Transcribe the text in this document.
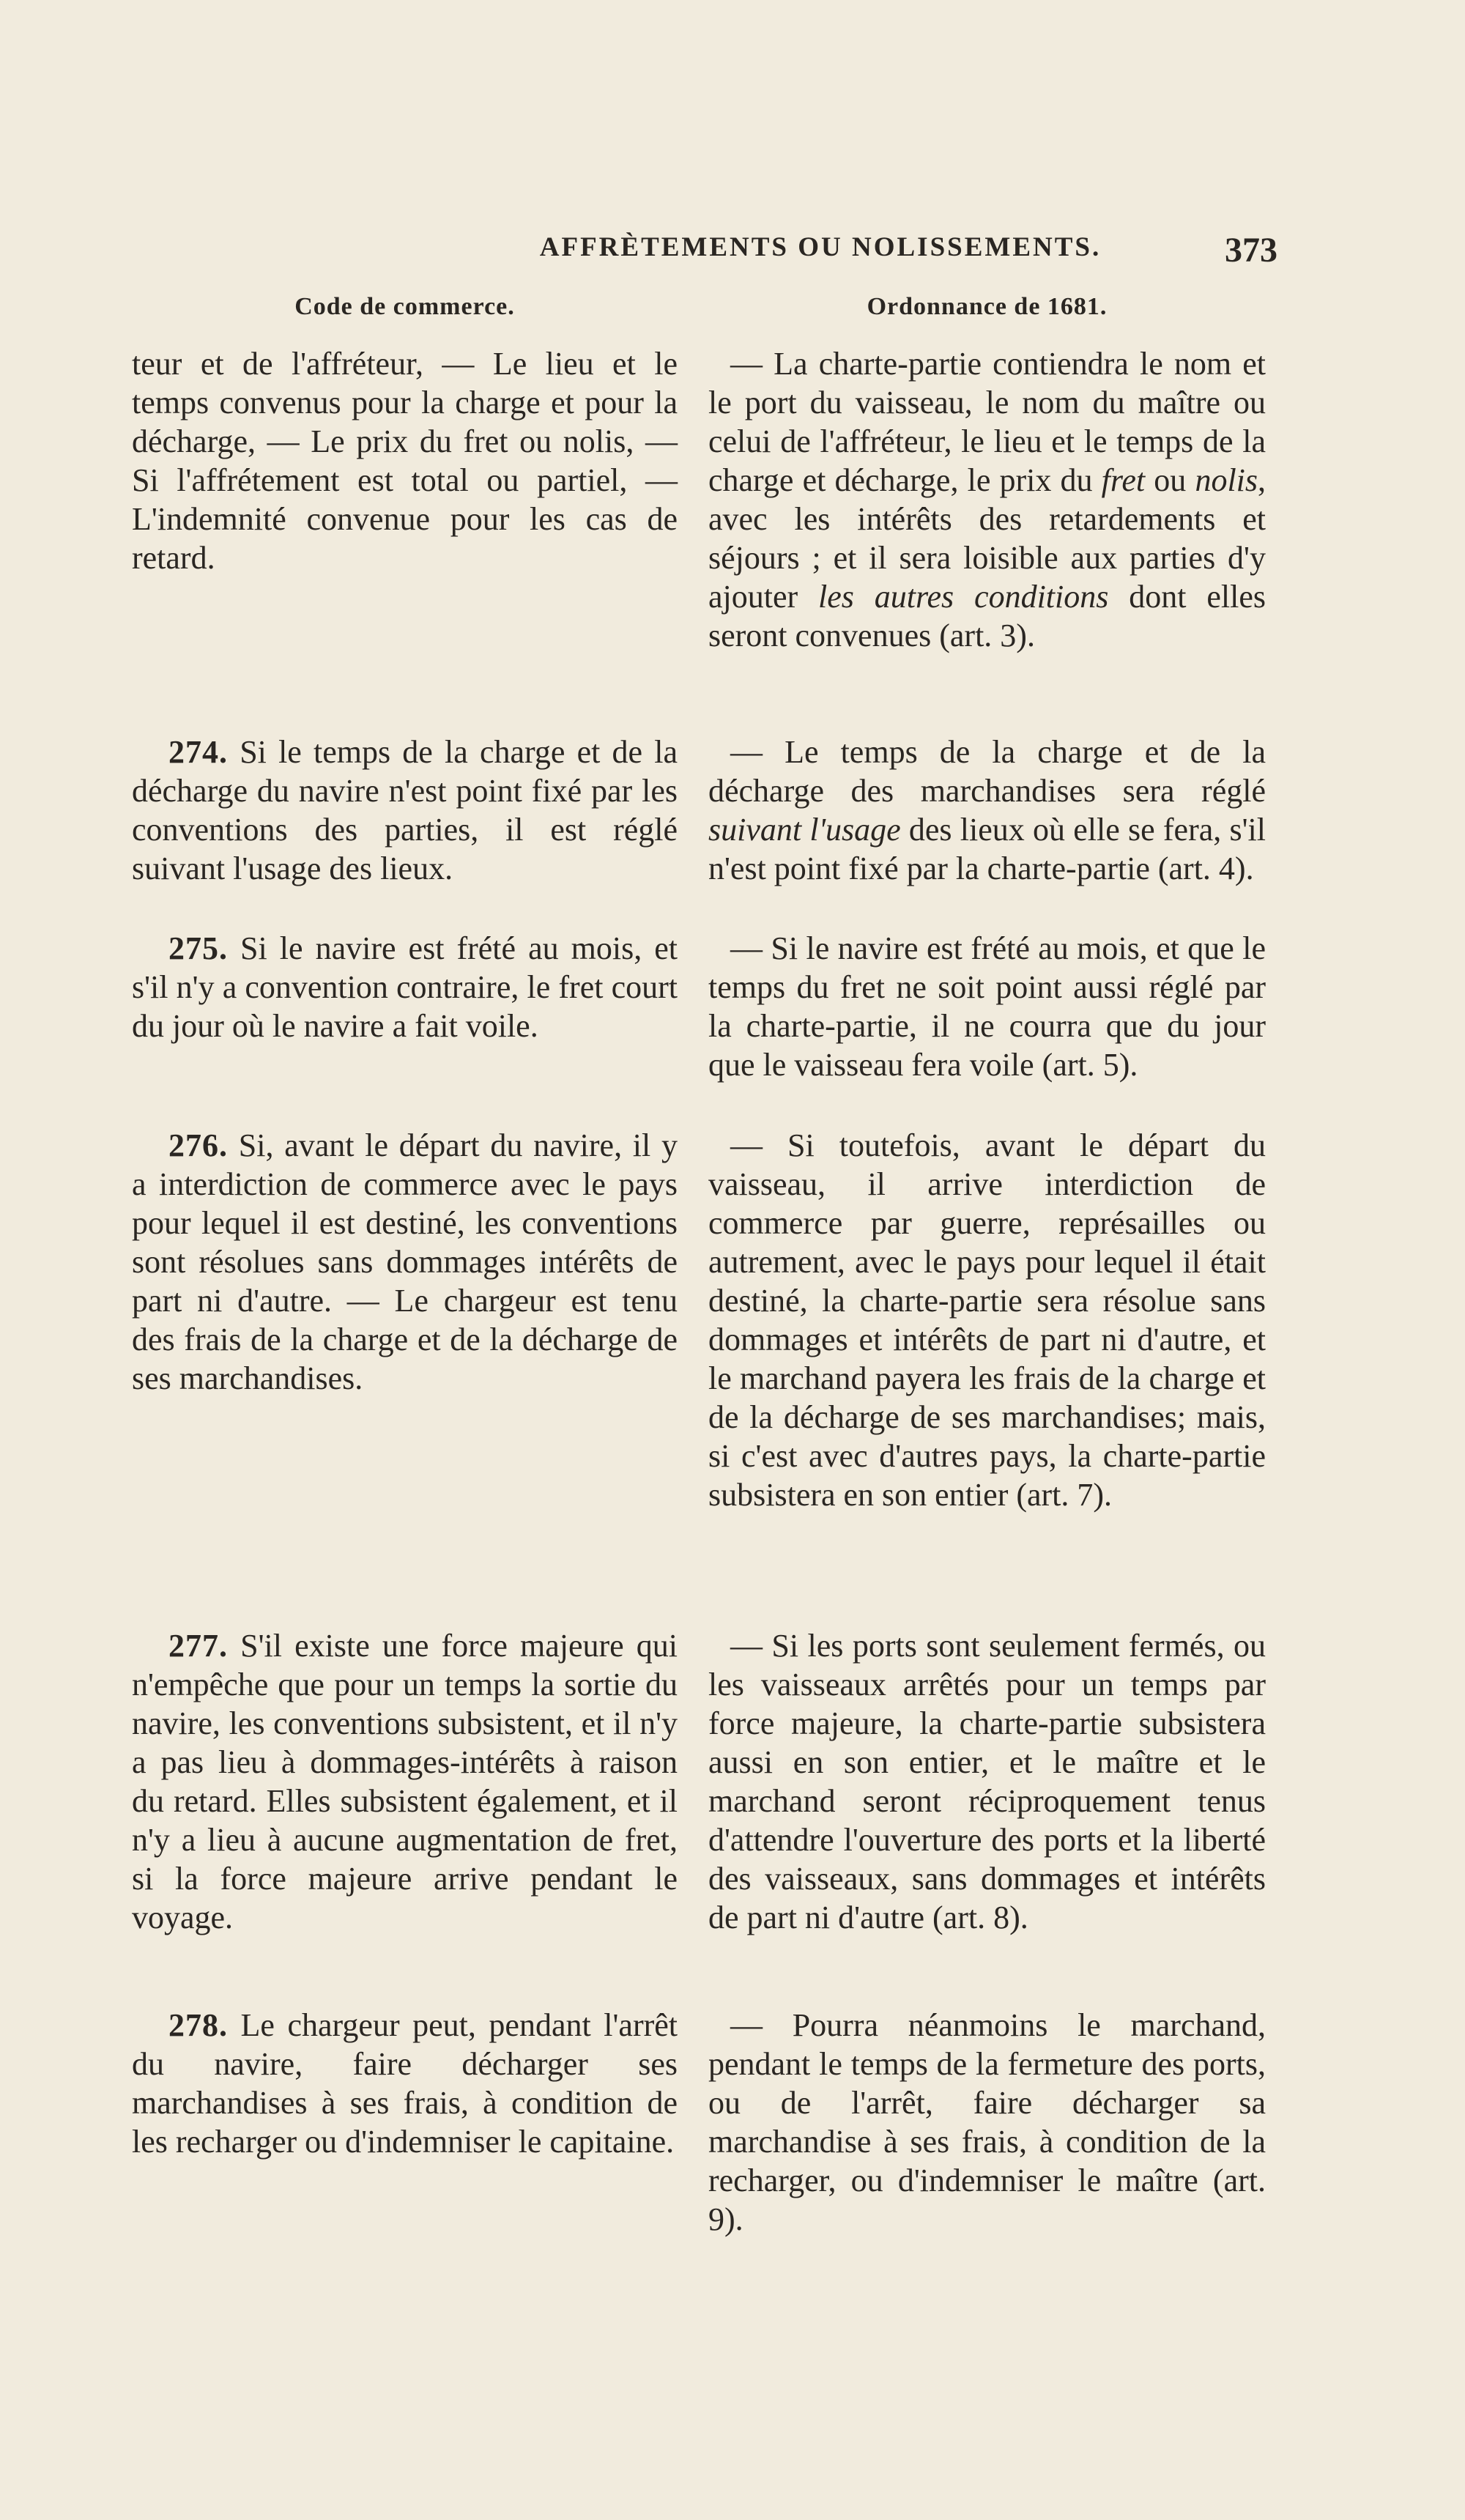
AFFRÈTEMENTS OU NOLISSEMENTS.	373
Code de commerce.	Ordonnance de 1681.

teur et de l'affréteur, — Le lieu et le temps convenus pour la charge et pour la décharge, — Le prix du fret ou nolis, — Si l'affrétement est total ou partiel, — L'indemnité convenue pour les cas de retard.

274. Si le temps de la charge et de la décharge du navire n'est point fixé par les conventions des parties, il est réglé suivant l'usage des lieux.

275. Si le navire est frété au mois, et s'il n'y a convention contraire, le fret court du jour où le navire a fait voile.

276. Si, avant le départ du navire, il y a interdiction de commerce avec le pays pour lequel il est destiné, les conventions sont résolues sans dommages intérêts de part ni d'autre. — Le chargeur est tenu des frais de la charge et de la décharge de ses marchandises.

277. S'il existe une force majeure qui n'empêche que pour un temps la sortie du navire, les conventions subsistent, et il n'y a pas lieu à dommages-intérêts à raison du retard. Elles subsistent également, et il n'y a lieu à aucune augmentation de fret, si la force majeure arrive pendant le voyage.

278. Le chargeur peut, pendant l'arrêt du navire, faire décharger ses marchandises à ses frais, à condition de les recharger ou d'indemniser le capitaine.

— La charte-partie contiendra le nom et le port du vaisseau, le nom du maître ou celui de l'affréteur, le lieu et le temps de la charge et décharge, le prix du fret ou nolis, avec les intérêts des retardements et séjours ; et il sera loisible aux parties d'y ajouter les autres conditions dont elles seront convenues (art. 3).

— Le temps de la charge et de la décharge des marchandises sera réglé suivant l'usage des lieux où elle se fera, s'il n'est point fixé par la charte-partie (art. 4).

— Si le navire est frété au mois, et que le temps du fret ne soit point aussi réglé par la charte-partie, il ne courra que du jour que le vaisseau fera voile (art. 5).

— Si toutefois, avant le départ du vaisseau, il arrive interdiction de commerce par guerre, représailles ou autrement, avec le pays pour lequel il était destiné, la charte-partie sera résolue sans dommages et intérêts de part ni d'autre, et le marchand payera les frais de la charge et de la décharge de ses marchandises; mais, si c'est avec d'autres pays, la charte-partie subsistera en son entier (art. 7).

— Si les ports sont seulement fermés, ou les vaisseaux arrêtés pour un temps par force majeure, la charte-partie subsistera aussi en son entier, et le maître et le marchand seront réciproquement tenus d'attendre l'ouverture des ports et la liberté des vaisseaux, sans dommages et intérêts de part ni d'autre (art. 8).

— Pourra néanmoins le marchand, pendant le temps de la fermeture des ports, ou de l'arrêt, faire décharger sa marchandise à ses frais, à condition de la recharger, ou d'indemniser le maître (art. 9).
